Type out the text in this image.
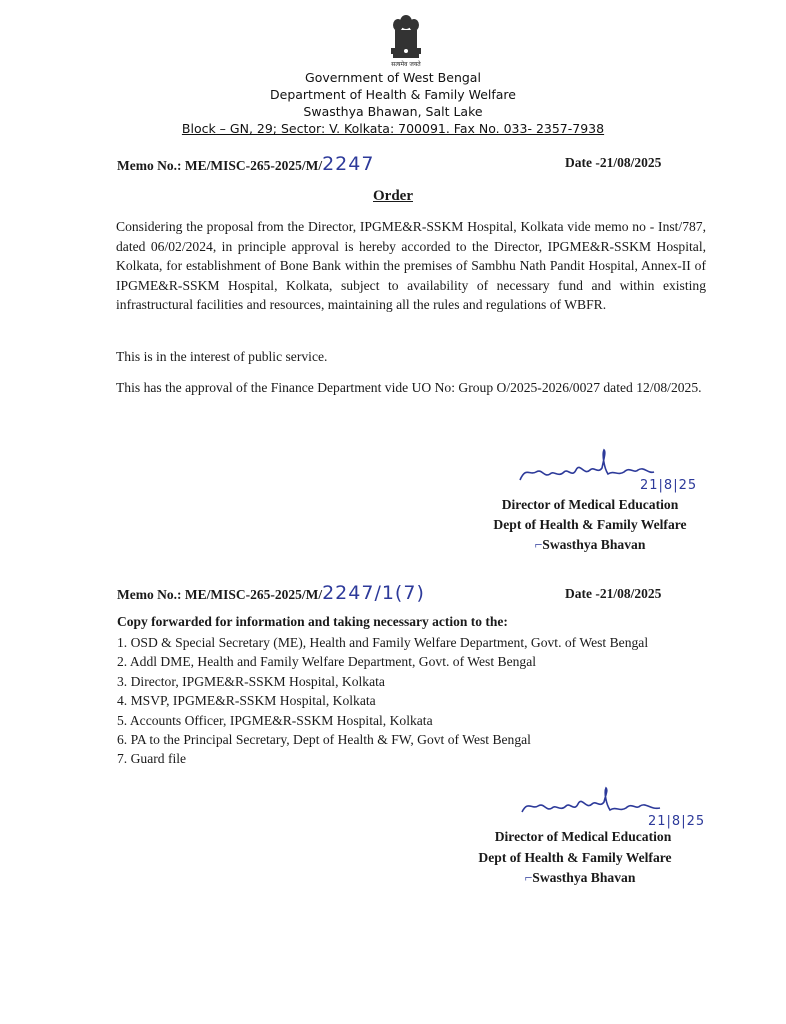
सत्यमेव जयते
Government of West Bengal
Department of Health & Family Welfare
Swasthya Bhawan, Salt Lake
Block – GN, 29; Sector: V. Kolkata: 700091. Fax No. 033- 2357-7938
Memo No.: ME/MISC-265-2025/M/2247	Date -21/08/2025
Order
Considering the proposal from the Director, IPGME&R-SSKM Hospital, Kolkata vide memo no - Inst/787, dated 06/02/2024, in principle approval is hereby accorded to the Director, IPGME&R-SSKM Hospital, Kolkata, for establishment of Bone Bank within the premises of Sambhu Nath Pandit Hospital, Annex-II of IPGME&R-SSKM Hospital, Kolkata, subject to availability of necessary fund and within existing infrastructural facilities and resources, maintaining all the rules and regulations of WBFR.
This is in the interest of public service.
This has the approval of the Finance Department vide UO No: Group O/2025-2026/0027 dated 12/08/2025.
21|8|25
Director of Medical Education
Dept of Health & Family Welfare
⌐Swasthya Bhavan
Memo No.: ME/MISC-265-2025/M/2247/1(7)	Date -21/08/2025
Copy forwarded for information and taking necessary action to the:
1. OSD & Special Secretary (ME), Health and Family Welfare Department, Govt. of West Bengal
2. Addl DME, Health and Family Welfare Department, Govt. of West Bengal
3. Director, IPGME&R-SSKM Hospital, Kolkata
4. MSVP, IPGME&R-SSKM Hospital, Kolkata
5. Accounts Officer, IPGME&R-SSKM Hospital, Kolkata
6. PA to the Principal Secretary, Dept of Health & FW, Govt of West Bengal
7. Guard file
21|8|25
Director of Medical Education
Dept of Health & Family Welfare
⌐Swasthya Bhavan
